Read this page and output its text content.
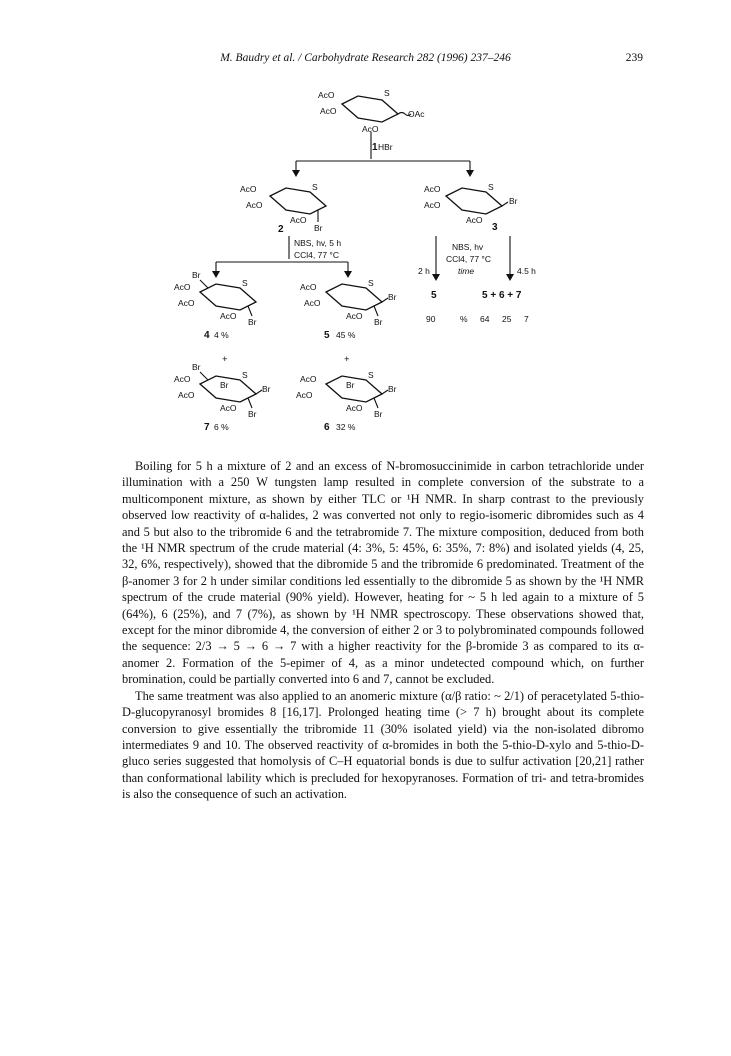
M. Baudry et al. / Carbohydrate Research 282 (1996) 237–246	239
AcO
AcO
S
AcO
OAc
1 HBr
AcO
AcO
S
AcO
Br
2
AcO
AcO
S
AcO
Br
3
NBS, hv, 5 h
CCl4, 77 °C
NBS, hv
CCl4, 77 °C
time
2 h	4.5 h
5	5 + 6 + 7
90	% 64 25 7
Br
AcO
AcO
S
AcO
Br
4 4 %
AcO
AcO
S
Br
AcO
Br
5 45 %
+	+
Br
AcO
AcO
Br
S
Br
AcO
Br
7 6 %
AcO
AcO
Br
S
Br
AcO
Br
6 32 %

Boiling for 5 h a mixture of 2 and an excess of N-bromosuccinimide in carbon tetrachloride under illumination with a 250 W tungsten lamp resulted in complete conversion of the substrate to a multicomponent mixture, as shown by either TLC or ¹H NMR. In sharp contrast to the previously observed low reactivity of α-halides, 2 was converted not only to regio-isomeric dibromides such as 4 and 5 but also to the tribromide 6 and the tetrabromide 7. The mixture composition, deduced from both the ¹H NMR spectrum of the crude material (4: 3%, 5: 45%, 6: 35%, 7: 8%) and isolated yields (4, 25, 32, 6%, respectively), showed that the dibromide 5 and the tribromide 6 predominated. Treatment of the β-anomer 3 for 2 h under similar conditions led essentially to the dibromide 5 as shown by the ¹H NMR spectrum of the crude material (90% yield). However, heating for ~ 5 h led again to a mixture of 5 (64%), 6 (25%), and 7 (7%), as shown by ¹H NMR spectroscopy. These observations showed that, except for the minor dibromide 4, the conversion of either 2 or 3 to polybrominated compounds followed the sequence: 2/3 → 5 → 6 → 7 with a higher reactivity for the β-bromide 3 as compared to its α-anomer 2. Formation of the 5-epimer of 4, as a minor undetected compound which, on further bromination, could be partially converted into 6 and 7, cannot be excluded.

The same treatment was also applied to an anomeric mixture (α/β ratio: ~ 2/1) of peracetylated 5-thio-D-glucopyranosyl bromides 8 [16,17]. Prolonged heating time (> 7 h) brought about its complete conversion to give essentially the tribromide 11 (30% isolated yield) via the non-isolated dibromo intermediates 9 and 10. The observed reactivity of α-bromides in both the 5-thio-D-xylo and 5-thio-D-gluco series suggested that homolysis of C–H equatorial bonds is due to sulfur activation [20,21] rather than conformational lability which is precluded for hexopyranoses. Formation of tri- and tetra-bromides is also the consequence of such an activation.
